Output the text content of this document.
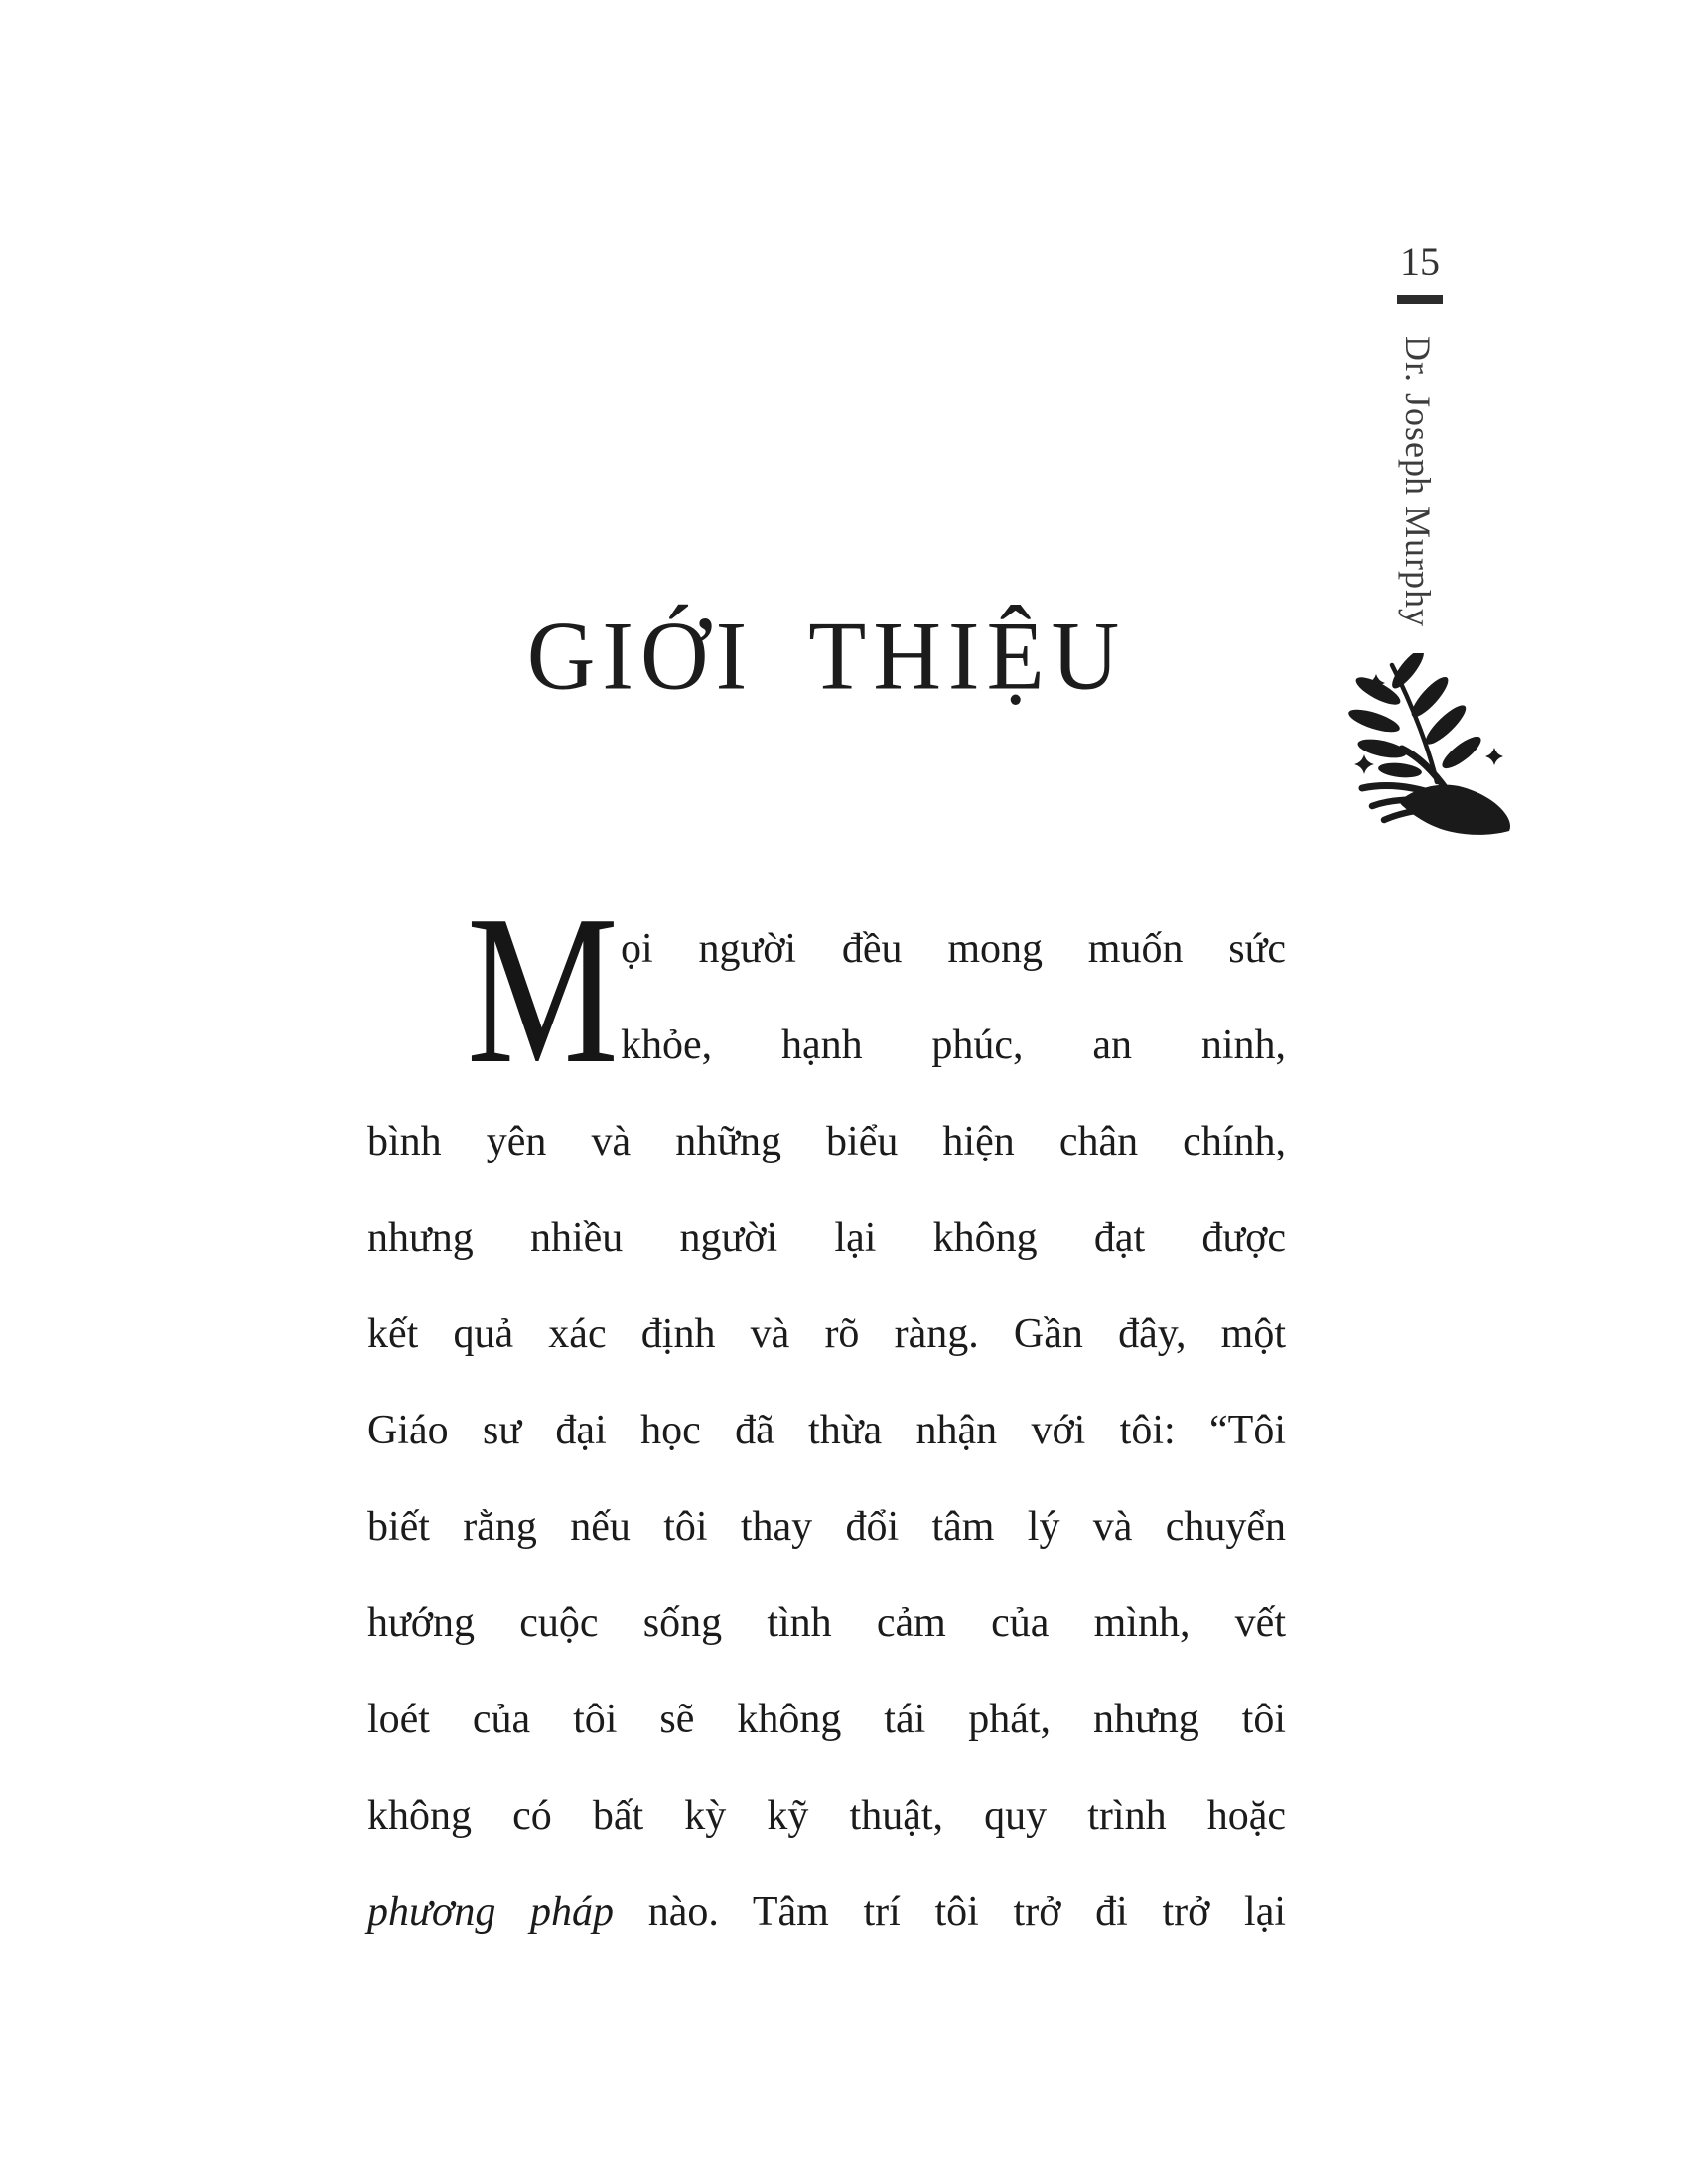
15
Dr. Joseph Murphy
GIỚI THIỆU
M ọi người đều mong muốn sức
khỏe, hạnh phúc, an ninh,
bình yên và những biểu hiện chân chính,
nhưng nhiều người lại không đạt được
kết quả xác định và rõ ràng. Gần đây, một
Giáo sư đại học đã thừa nhận với tôi: “Tôi
biết rằng nếu tôi thay đổi tâm lý và chuyển
hướng cuộc sống tình cảm của mình, vết
loét của tôi sẽ không tái phát, nhưng tôi
không có bất kỳ kỹ thuật, quy trình hoặc
phương pháp nào. Tâm trí tôi trở đi trở lại
